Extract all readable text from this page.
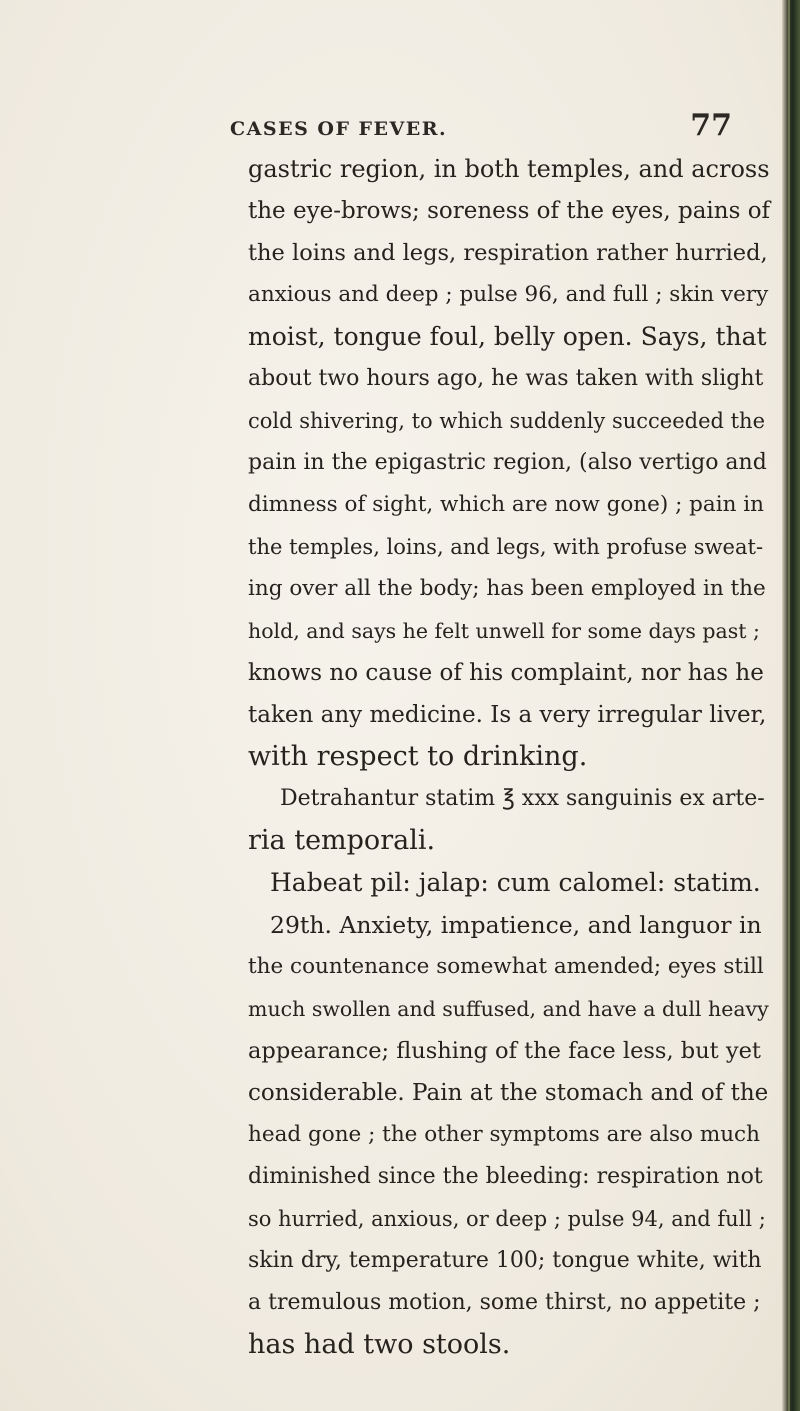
CASES OF FEVER.	77
gastric region, in both temples, and across
the eye-brows; soreness of the eyes, pains of
the loins and legs, respiration rather hurried,
anxious and deep ; pulse 96, and full ; skin very
moist, tongue foul, belly open. Says, that
about two hours ago, he was taken with slight
cold shivering, to which suddenly succeeded the
pain in the epigastric region, (also vertigo and
dimness of sight, which are now gone) ; pain in
the temples, loins, and legs, with profuse sweat-
ing over all the body; has been employed in the
hold, and says he felt unwell for some days past ;
knows no cause of his complaint, nor has he
taken any medicine. Is a very irregular liver,
with respect to drinking.
Detrahantur statim ℥ xxx sanguinis ex arte-
ria temporali.
Habeat pil: jalap: cum calomel: statim.
29th. Anxiety, impatience, and languor in
the countenance somewhat amended; eyes still
much swollen and suffused, and have a dull heavy
appearance; flushing of the face less, but yet
considerable. Pain at the stomach and of the
head gone ; the other symptoms are also much
diminished since the bleeding: respiration not
so hurried, anxious, or deep ; pulse 94, and full ;
skin dry, temperature 100; tongue white, with
a tremulous motion, some thirst, no appetite ;
has had two stools.
